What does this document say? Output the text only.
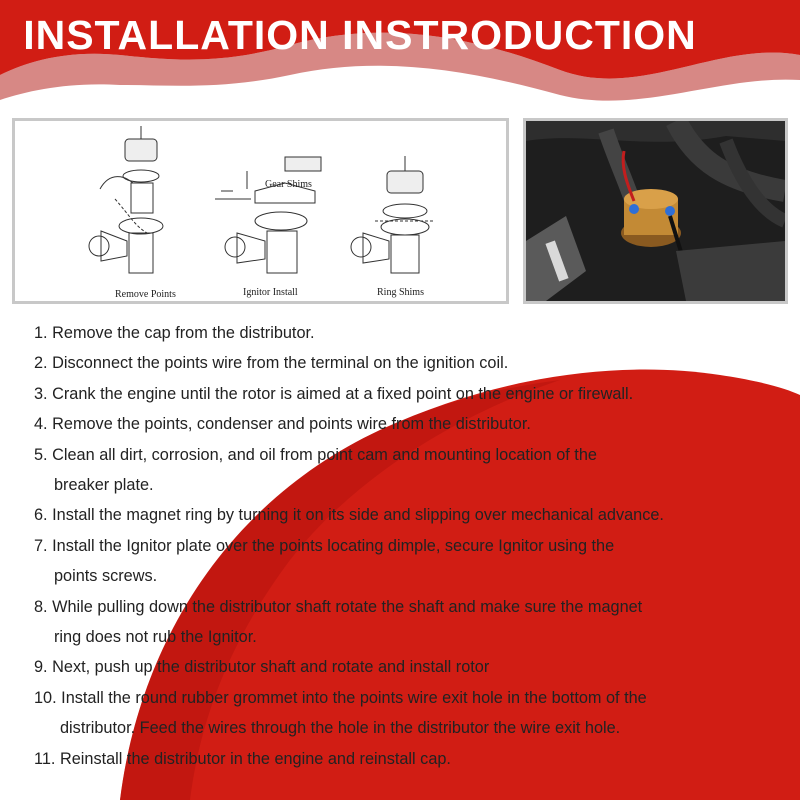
INSTALLATION INSTRODUCTION
Gear Shims
Remove Points	Ignitor Install	Ring Shims
1. Remove the cap from the distributor.
2. Disconnect the points wire from the terminal on the ignition coil.
3. Crank the engine until the rotor is aimed at a fixed point on the engine or firewall.
4. Remove the points, condenser and points wire from the distributor.
5. Clean all dirt, corrosion, and oil from point cam and mounting location of the
breaker plate.
6. Install the magnet ring by turning it on its side and slipping over mechanical advance.
7. Install the Ignitor plate over the points locating dimple, secure Ignitor using the
points screws.
8. While pulling down the distributor shaft rotate the shaft and make sure the magnet
ring does not rub the Ignitor.
9. Next, push up the distributor shaft and rotate and install rotor
10. Install the round rubber grommet into the points wire exit hole in the bottom of the
distributor. Feed the wires through the hole in the distributor the wire exit hole.
11. Reinstall the distributor in the engine and reinstall cap.
